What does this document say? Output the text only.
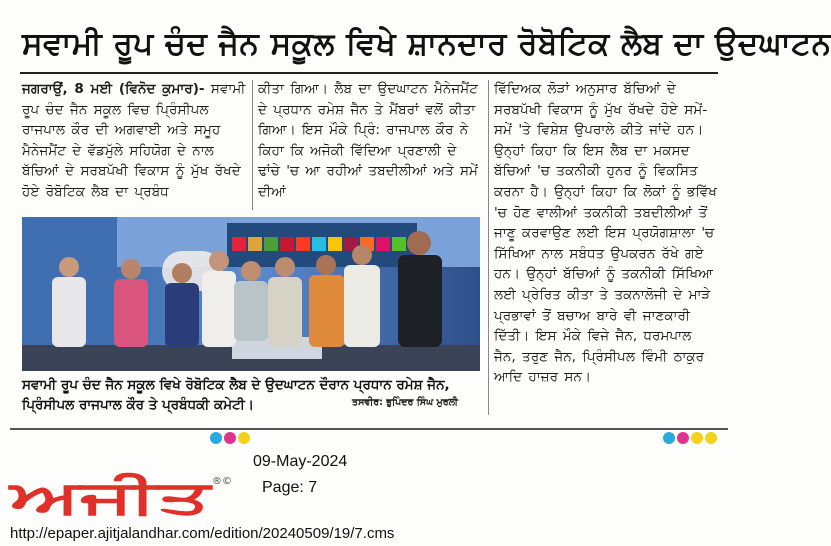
ਸਵਾਮੀ ਰੂਪ ਚੰਦ ਜੈਨ ਸਕੂਲ ਵਿਖੇ ਸ਼ਾਨਦਾਰ ਰੋਬੋਟਿਕ ਲੈਬ ਦਾ ਉਦਘਾਟਨ

ਜਗਰਾਉਂ, 8 ਮਈ (ਵਿਨੋਦ ਕੁਮਾਰ)- ਸਵਾਮੀ ਰੂਪ ਚੰਦ ਜੈਨ ਸਕੂਲ ਵਿਚ ਪ੍ਰਿੰਸੀਪਲ ਰਾਜਪਾਲ ਕੌਰ ਦੀ ਅਗਵਾਈ ਅਤੇ ਸਮੂਹ ਮੈਨੇਜਮੈਂਟ ਦੇ ਵੱਡਮੁੱਲੇ ਸਹਿਯੋਗ ਦੇ ਨਾਲ ਬੱਚਿਆਂ ਦੇ ਸਰਬਪੱਖੀ ਵਿਕਾਸ ਨੂੰ ਮੁੱਖ ਰੱਖਦੇ ਹੋਏ ਰੋਬੋਟਿਕ ਲੈਬ ਦਾ ਪ੍ਰਬੰਧ

ਕੀਤਾ ਗਿਆ। ਲੈਬ ਦਾ ਉਦਘਾਟਨ ਮੈਨੇਜਮੈਂਟ ਦੇ ਪ੍ਰਧਾਨ ਰਮੇਸ਼ ਜੈਨ ਤੇ ਮੈਂਬਰਾਂ ਵਲੋਂ ਕੀਤਾ ਗਿਆ। ਇਸ ਮੌਕੇ ਪ੍ਰਿੰ: ਰਾਜਪਾਲ ਕੌਰ ਨੇ ਕਿਹਾ ਕਿ ਅਜੋਕੀ ਵਿੱਦਿਆ ਪ੍ਰਣਾਲੀ ਦੇ ਢਾਂਚੇ 'ਚ ਆ ਰਹੀਆਂ ਤਬਦੀਲੀਆਂ ਅਤੇ ਸਮੇਂ ਦੀਆਂ

ਵਿੱਦਿਅਕ ਲੋੜਾਂ ਅਨੁਸਾਰ ਬੱਚਿਆਂ ਦੇ ਸਰਬਪੱਖੀ ਵਿਕਾਸ ਨੂੰ ਮੁੱਖ ਰੱਖਦੇ ਹੋਏ ਸਮੇਂ-ਸਮੇਂ 'ਤੇ ਵਿਸ਼ੇਸ਼ ਉਪਰਾਲੇ ਕੀਤੇ ਜਾਂਦੇ ਹਨ। ਉਨ੍ਹਾਂ ਕਿਹਾ ਕਿ ਇਸ ਲੈਬ ਦਾ ਮਕਸਦ ਬੱਚਿਆਂ 'ਚ ਤਕਨੀਕੀ ਹੁਨਰ ਨੂੰ ਵਿਕਸਿਤ ਕਰਨਾ ਹੈ। ਉਨ੍ਹਾਂ ਕਿਹਾ ਕਿ ਲੋਕਾਂ ਨੂੰ ਭਵਿੱਖ 'ਚ ਹੋਣ ਵਾਲੀਆਂ ਤਕਨੀਕੀ ਤਬਦੀਲੀਆਂ ਤੋਂ ਜਾਣੂ ਕਰਵਾਉਣ ਲਈ ਇਸ ਪ੍ਰਯੋਗਸ਼ਾਲਾ 'ਚ ਸਿੱਖਿਆ ਨਾਲ ਸਬੰਧਤ ਉਪਕਰਨ ਰੱਖੇ ਗਏ ਹਨ। ਉਨ੍ਹਾਂ ਬੱਚਿਆਂ ਨੂੰ ਤਕਨੀਕੀ ਸਿੱਖਿਆ ਲਈ ਪ੍ਰੇਰਿਤ ਕੀਤਾ ਤੇ ਤਕਨਾਲੋਜੀ ਦੇ ਮਾੜੇ ਪ੍ਰਭਾਵਾਂ ਤੋਂ ਬਚਾਅ ਬਾਰੇ ਵੀ ਜਾਣਕਾਰੀ ਦਿੱਤੀ। ਇਸ ਮੌਕੇ ਵਿਜੇ ਜੈਨ, ਧਰਮਪਾਲ ਜੈਨ, ਤਰੁਣ ਜੈਨ, ਪ੍ਰਿੰਸੀਪਲ ਵਿੰਮੀ ਠਾਕੁਰ ਆਦਿ ਹਾਜ਼ਰ ਸਨ।

ਸਵਾਮੀ ਰੂਪ ਚੰਦ ਜੈਨ ਸਕੂਲ ਵਿਖੇ ਰੋਬੋਟਿਕ ਲੈਬ ਦੇ ਉਦਘਾਟਨ ਦੌਰਾਨ ਪ੍ਰਧਾਨ ਰਮੇਸ਼ ਜੈਨ, ਪ੍ਰਿੰਸੀਪਲ ਰਾਜਪਾਲ ਕੌਰ ਤੇ ਪ੍ਰਬੰਧਕੀ ਕਮੇਟੀ।	ਤਸਵੀਰ: ਭੁਪਿੰਦਰ ਸਿੰਘ ਮੁਰਲੀ
ਅਜੀਤ ®©
09-May-2024
Page: 7
http://epaper.ajitjalandhar.com/edition/20240509/19/7.cms
